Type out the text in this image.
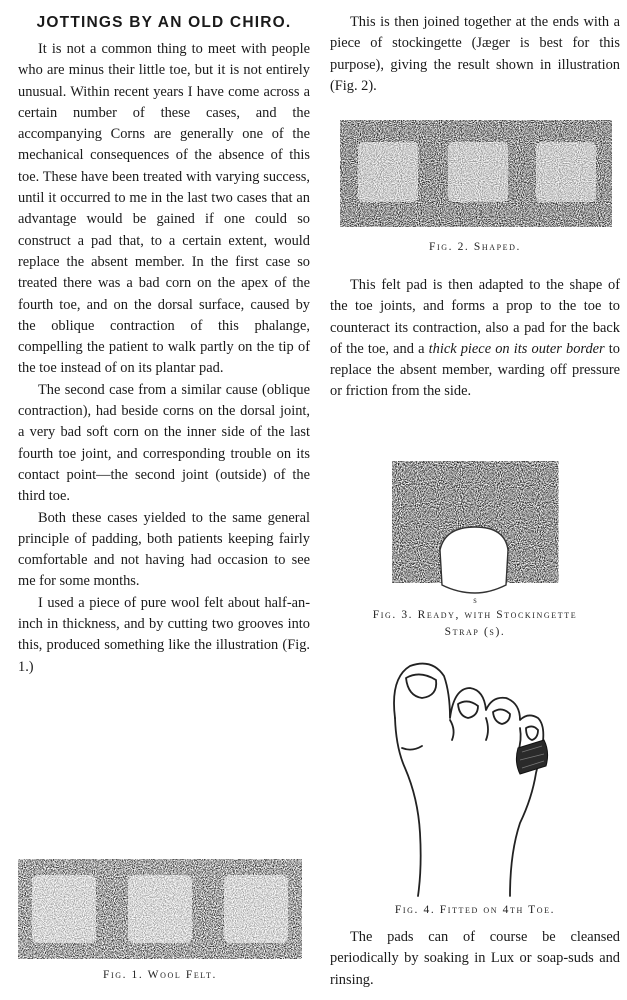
JOTTINGS BY AN OLD CHIRO.

It is not a common thing to meet with people who are minus their little toe, but it is not entirely unusual. Within recent years I have come across a certain number of these cases, and the accompanying Corns are generally one of the mechanical consequences of the absence of this toe. These have been treated with varying success, until it occurred to me in the last two cases that an advantage would be gained if one could so construct a pad that, to a certain extent, would replace the absent member. In the first case so treated there was a bad corn on the apex of the fourth toe, and on the dorsal surface, caused by the oblique contraction of this phalange, compelling the patient to walk partly on the tip of the toe instead of on its plantar pad.

The second case from a similar cause (oblique contraction), had beside corns on the dorsal joint, a very bad soft corn on the inner side of the last fourth toe joint, and corresponding trouble on its contact point—the second joint (outside) of the third toe.

Both these cases yielded to the same general principle of padding, both patients keeping fairly comfortable and not having had occasion to see me for some months.

I used a piece of pure wool felt about half-an-inch in thickness, and by cutting two grooves into this, produced something like the illustration (Fig. 1.)

Fig. 1. Wool Felt.

This is then joined together at the ends with a piece of stockingette (Jæger is best for this purpose), giving the result shown in illustration (Fig. 2).

Fig. 2. Shaped.

This felt pad is then adapted to the shape of the toe joints, and forms a prop to the toe to counteract its contraction, also a pad for the back of the toe, and a thick piece on its outer border to replace the absent member, warding off pressure or friction from the side.

s
Fig. 3. Ready, with Stockingette
Strap (s).
Fig. 4. Fitted on 4th Toe.

The pads can of course be cleansed periodically by soaking in Lux or soap-suds and rinsing.
